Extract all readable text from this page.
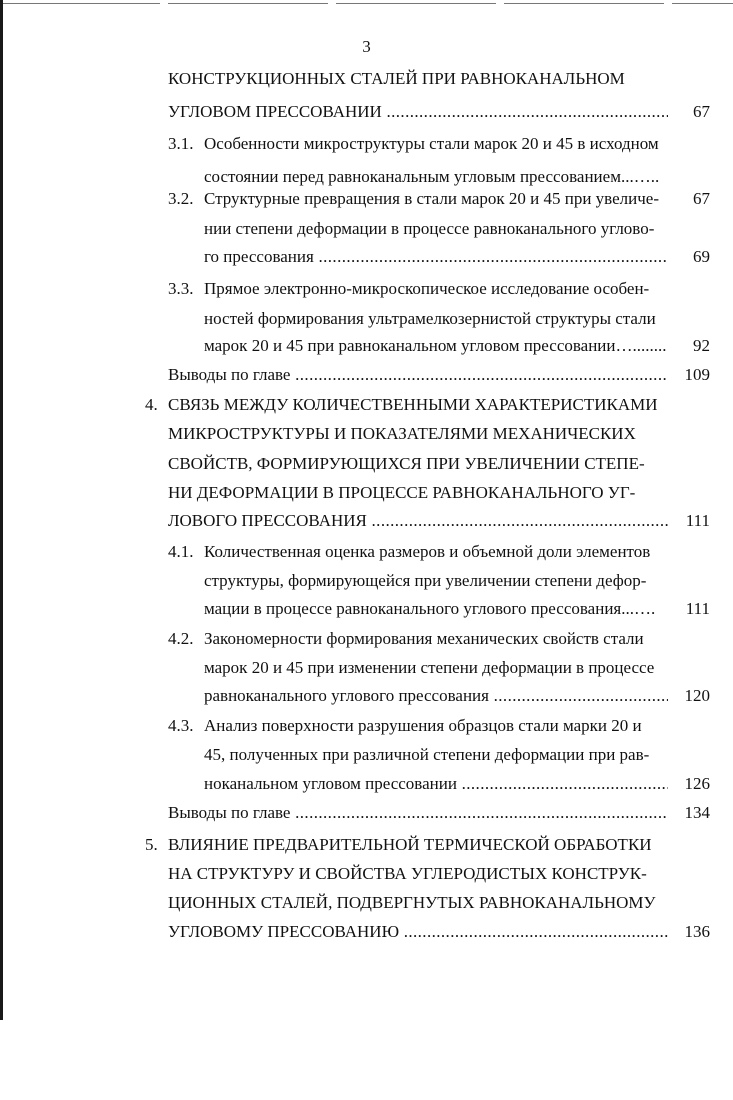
3
КОНСТРУКЦИОННЫХ СТАЛЕЙ ПРИ РАВНОКАНАЛЬНОМ
УГЛОВОМ ПРЕССОВАНИИ .....	67
3.1. Особенности микроструктуры стали марок 20 и 45 в исходном
состоянии перед равноканальным угловым прессованием...…..
3.2. Структурные превращения в стали марок 20 и 45 при увеличе-	67
нии степени деформации в процессе равноканального углово-
го прессования .....	69
3.3. Прямое электронно-микроскопическое исследование особен-
ностей формирования ультрамелкозернистой структуры стали
марок 20 и 45 при равноканальном угловом прессовании…........	92
Выводы по главе .....	109
4. СВЯЗЬ МЕЖДУ КОЛИЧЕСТВЕННЫМИ ХАРАКТЕРИСТИКАМИ
МИКРОСТРУКТУРЫ И ПОКАЗАТЕЛЯМИ МЕХАНИЧЕСКИХ
СВОЙСТВ, ФОРМИРУЮЩИХСЯ ПРИ УВЕЛИЧЕНИИ СТЕПЕ-
НИ ДЕФОРМАЦИИ В ПРОЦЕССЕ РАВНОКАНАЛЬНОГО УГ-
ЛОВОГО ПРЕССОВАНИЯ .....	111
4.1. Количественная оценка размеров и объемной доли элементов
структуры, формирующейся при увеличении степени дефор-
мации в процессе равноканального углового прессования...….	111
4.2. Закономерности формирования механических свойств стали
марок 20 и 45 при изменении степени деформации в процессе
равноканального углового прессования .....	120
4.3. Анализ поверхности разрушения образцов стали марки 20 и
45, полученных при различной степени деформации при рав-
ноканальном угловом прессовании .....	126
Выводы по главе .....	134
5. ВЛИЯНИЕ ПРЕДВАРИТЕЛЬНОЙ ТЕРМИЧЕСКОЙ ОБРАБОТКИ
НА СТРУКТУРУ И СВОЙСТВА УГЛЕРОДИСТЫХ КОНСТРУК-
ЦИОННЫХ СТАЛЕЙ, ПОДВЕРГНУТЫХ РАВНОКАНАЛЬНОМУ
УГЛОВОМУ ПРЕССОВАНИЮ .....	136
